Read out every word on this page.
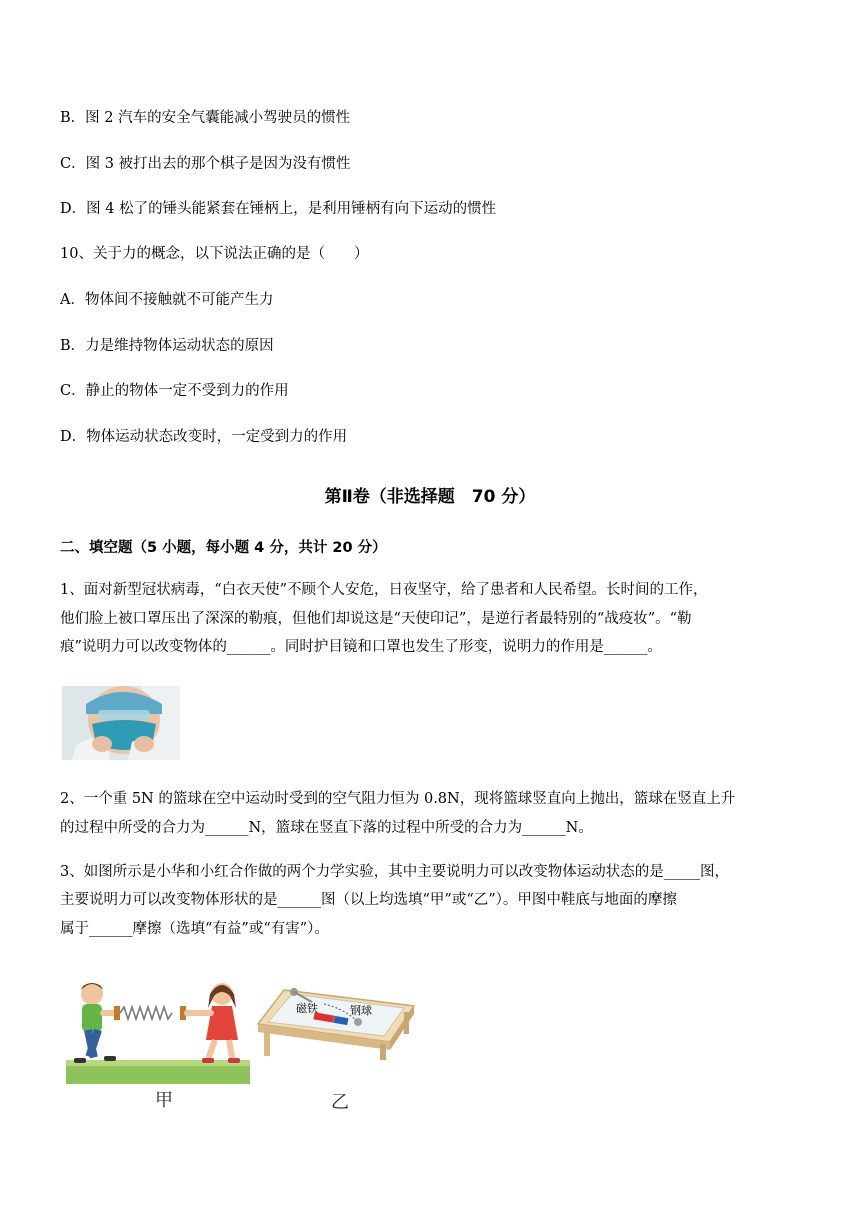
B．图 2 汽车的安全气囊能减小驾驶员的惯性
C．图 3 被打出去的那个棋子是因为没有惯性
D．图 4 松了的锤头能紧套在锤柄上，是利用锤柄有向下运动的惯性
10、关于力的概念，以下说法正确的是（　　）
A．物体间不接触就不可能产生力
B．力是维持物体运动状态的原因
C．静止的物体一定不受到力的作用
D．物体运动状态改变时，一定受到力的作用
第Ⅱ卷（非选择题　70 分）
二、填空题（5 小题，每小题 4 分，共计 20 分）
1、面对新型冠状病毒，“白衣天使”不顾个人安危，日夜坚守，给了患者和人民希望。长时间的工作，
他们脸上被口罩压出了深深的勒痕，但他们却说这是“天使印记”，是逆行者最特别的“战疫妆”。“勒
痕”说明力可以改变物体的______。同时护目镜和口罩也发生了形变，说明力的作用是______。
2、一个重 5N 的篮球在空中运动时受到的空气阻力恒为 0.8N，现将篮球竖直向上抛出，篮球在竖直上升
的过程中所受的合力为______N，篮球在竖直下落的过程中所受的合力为______N。
3、如图所示是小华和小红合作做的两个力学实验，其中主要说明力可以改变物体运动状态的是_____图，
主要说明力可以改变物体形状的是______图（以上均选填“甲”或“乙”）。甲图中鞋底与地面的摩擦
属于______摩擦（选填“有益”或“有害”）。
磁铁	钢球
甲	乙
